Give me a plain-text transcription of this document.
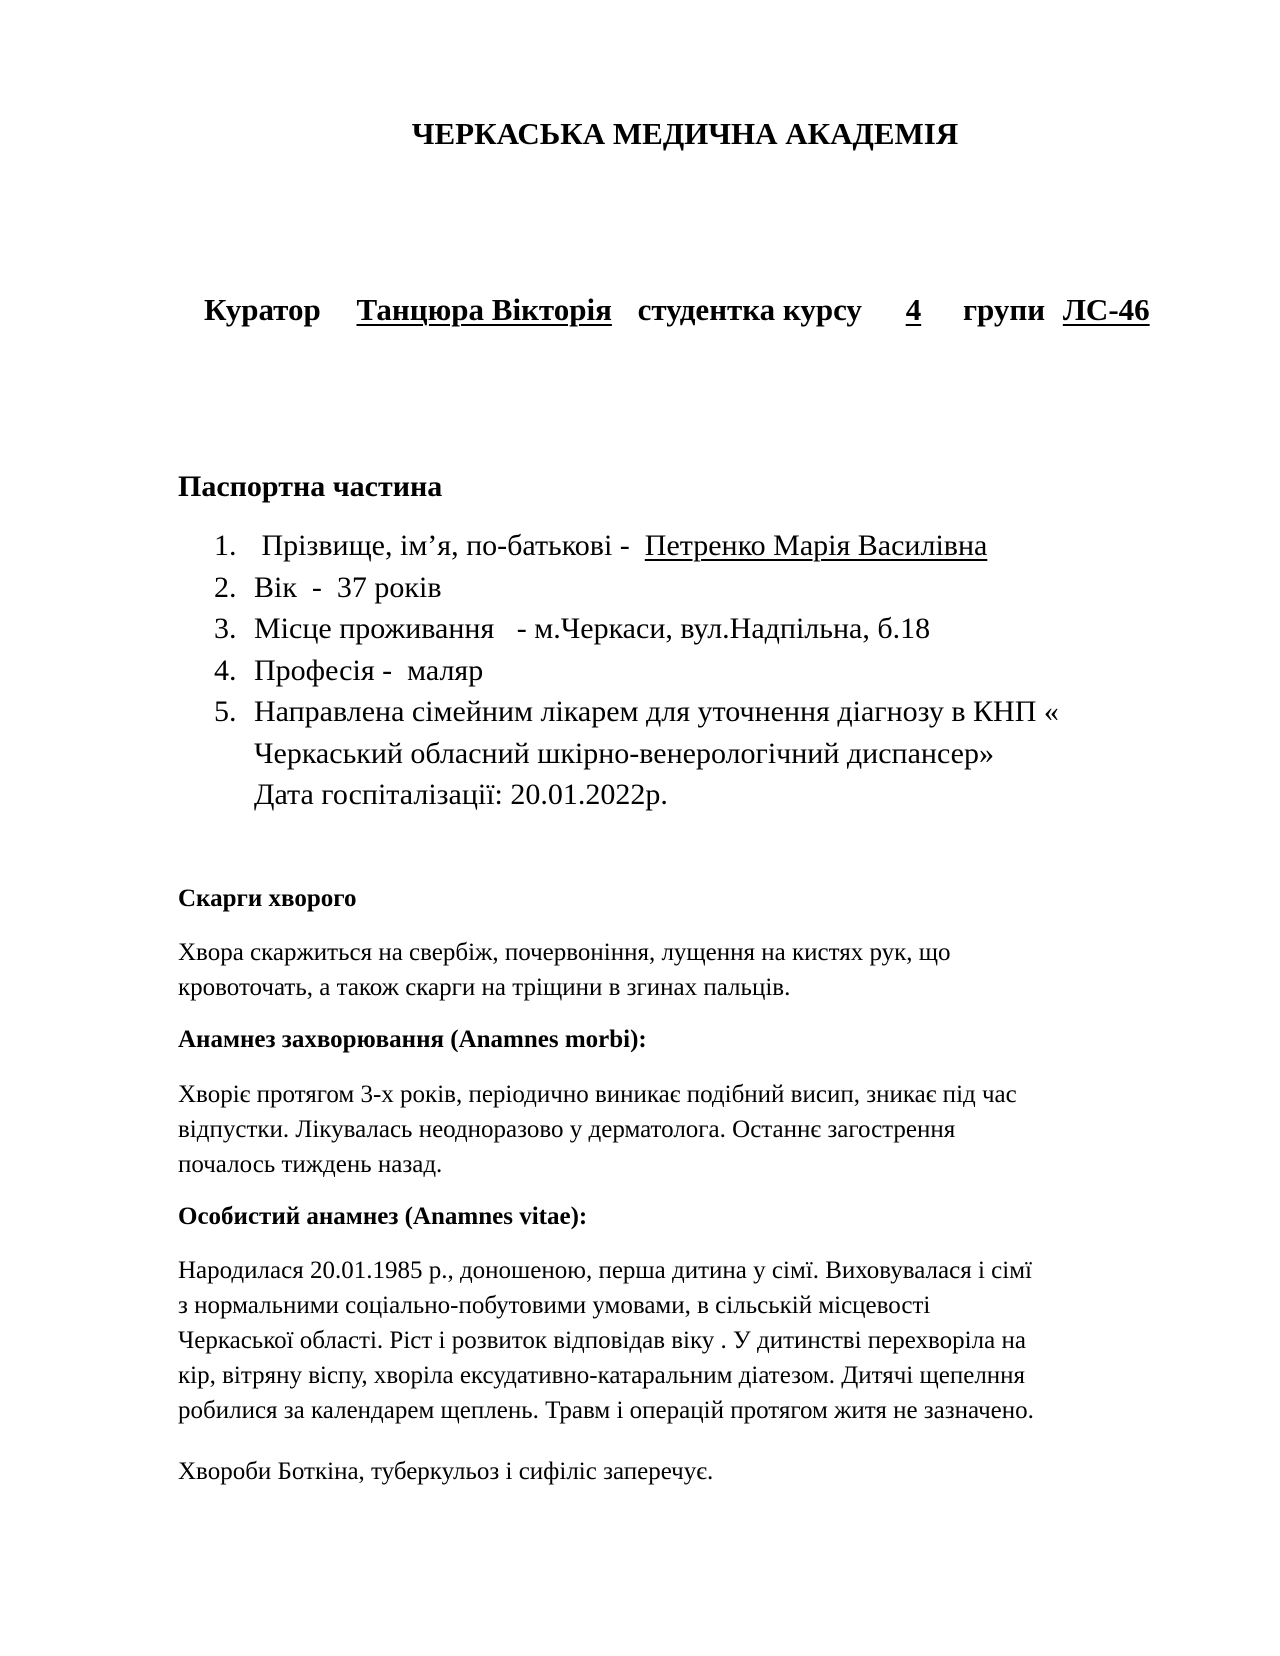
ЧЕРКАСЬКА МЕДИЧНА АКАДЕМІЯ
Куратор Танцюра Вікторія студентка курсу 4 групи ЛС-46
Паспортна частина
1. Прізвище, ім’я, по-батькові -  Петренко Марія Василівна
2. Вік  -  37 років
3. Місце проживання   - м.Черкаси, вул.Надпільна, б.18
4. Професія -  маляр
5. Направлена сімейним лікарем для уточнення діагнозу в КНП «
Черкаський обласний шкірно-венерологічний диспансер»
Дата госпіталізації: 20.01.2022р.
Скарги хворого
Хвора скаржиться на свербіж, почервоніння, лущення на кистях рук, що
кровоточать, а також скарги на тріщини в згинах пальців.
Анамнез захворювання (Anamnes morbi):
Хворіє протягом 3-х років, періодично виникає подібний висип, зникає під час
відпустки. Лікувалась неодноразово у дерматолога. Останнє загострення
почалось тиждень назад.
Особистий анамнез (Anamnes vitae):
Народилася 20.01.1985 р., доношеною, перша дитина у сімї. Виховувалася і сімї
з нормальними соціально-побутовими умовами, в сільській місцевості
Черкаської області. Ріст і розвиток відповідав віку . У дитинстві перехворіла на
кір, вітряну віспу, хворіла ексудативно-катаральним діатезом. Дитячі щепелння
робилися за календарем щеплень. Травм і операцій протягом житя не зазначено.
Хвороби Боткіна, туберкульоз і сифіліс заперечує.
